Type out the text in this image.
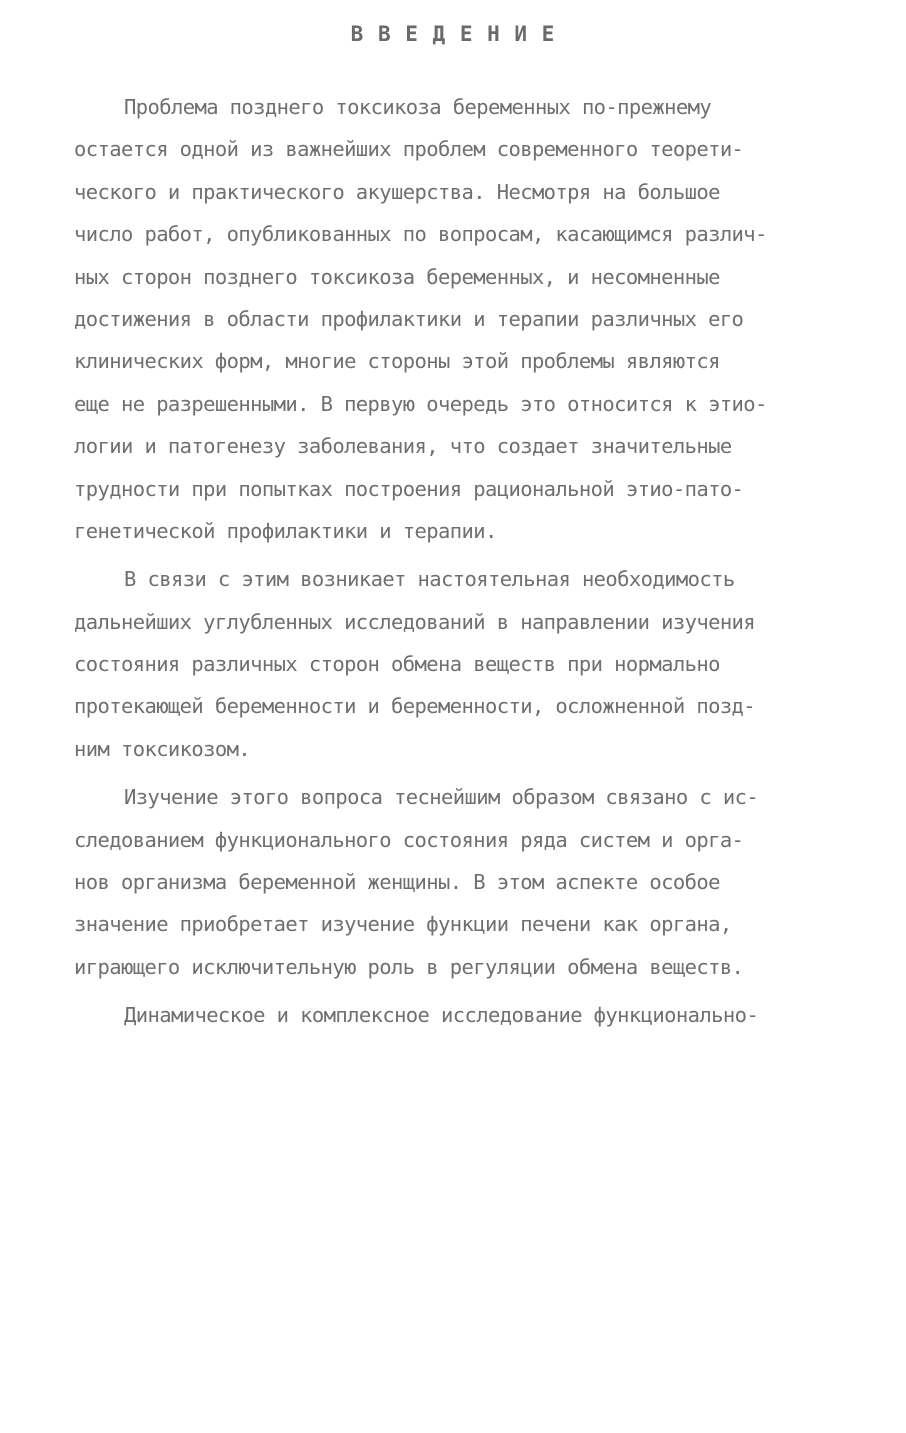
В В Е Д Е Н И Е
Проблема позднего токсикоза беременных по-прежнему
остается одной из важнейших проблем современного теорети-
ческого и практического акушерства. Несмотря на большое
число работ, опубликованных по вопросам, касающимся различ-
ных сторон позднего токсикоза беременных, и несомненные
достижения в области профилактики и терапии различных его
клинических форм, многие стороны этой проблемы являются
еще не разрешенными. В первую очередь это относится к этио-
логии и патогенезу заболевания, что создает значительные
трудности при попытках построения рациональной этио-пато-
генетической профилактики и терапии.
В связи с этим возникает настоятельная необходимость
дальнейших углубленных исследований в направлении изучения
состояния различных сторон обмена веществ при нормально
протекающей беременности и беременности, осложненной позд-
ним токсикозом.
Изучение этого вопроса теснейшим образом связано с ис-
следованием функционального состояния ряда систем и орга-
нов организма беременной женщины. В этом аспекте особое
значение приобретает изучение функции печени как органа,
играющего исключительную роль в регуляции обмена веществ.
Динамическое и комплексное исследование функционально-
